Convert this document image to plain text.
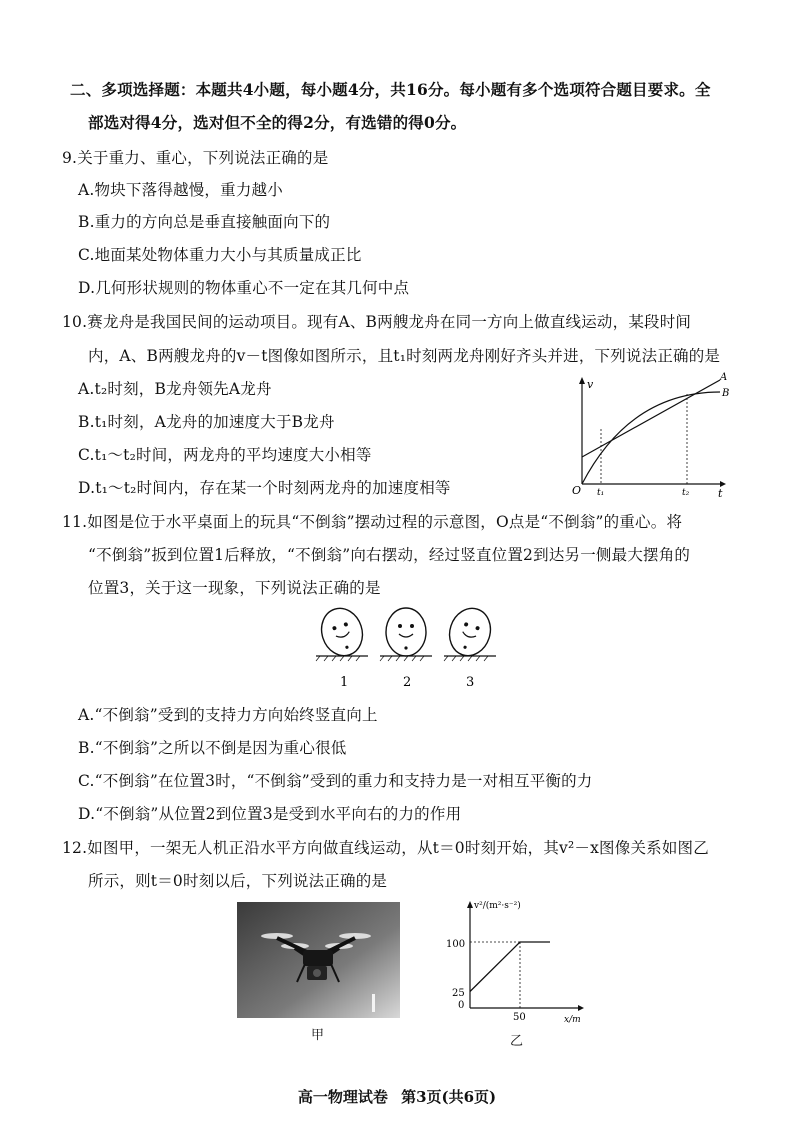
二、多项选择题：本题共4小题，每小题4分，共16分。每小题有多个选项符合题目要求。全
部选对得4分，选对但不全的得2分，有选错的得0分。
9.关于重力、重心，下列说法正确的是
A.物块下落得越慢，重力越小
B.重力的方向总是垂直接触面向下的
C.地面某处物体重力大小与其质量成正比
D.几何形状规则的物体重心不一定在其几何中点
10.赛龙舟是我国民间的运动项目。现有A、B两艘龙舟在同一方向上做直线运动，某段时间
内，A、B两艘龙舟的v－t图像如图所示，且t₁时刻两龙舟刚好齐头并进，下列说法正确的是
A.t₂时刻，B龙舟领先A龙舟
B.t₁时刻，A龙舟的加速度大于B龙舟
C.t₁～t₂时间，两龙舟的平均速度大小相等
D.t₁～t₂时间内，存在某一个时刻两龙舟的加速度相等
v
t
O t₁	t₂
A
B
11.如图是位于水平桌面上的玩具“不倒翁”摆动过程的示意图，O点是“不倒翁”的重心。将
“不倒翁”扳到位置1后释放，“不倒翁”向右摆动，经过竖直位置2到达另一侧最大摆角的
位置3，关于这一现象，下列说法正确的是
1	2	3
A.“不倒翁”受到的支持力方向始终竖直向上
B.“不倒翁”之所以不倒是因为重心很低
C.“不倒翁”在位置3时，“不倒翁”受到的重力和支持力是一对相互平衡的力
D.“不倒翁”从位置2到位置3是受到水平向右的力的作用
12.如图甲，一架无人机正沿水平方向做直线运动，从t＝0时刻开始，其v²－x图像关系如图乙
所示，则t＝0时刻以后，下列说法正确的是
甲
v²/(m²·s⁻²)
x/m
0
25
100
50
乙
高一物理试卷 第3页(共6页)
